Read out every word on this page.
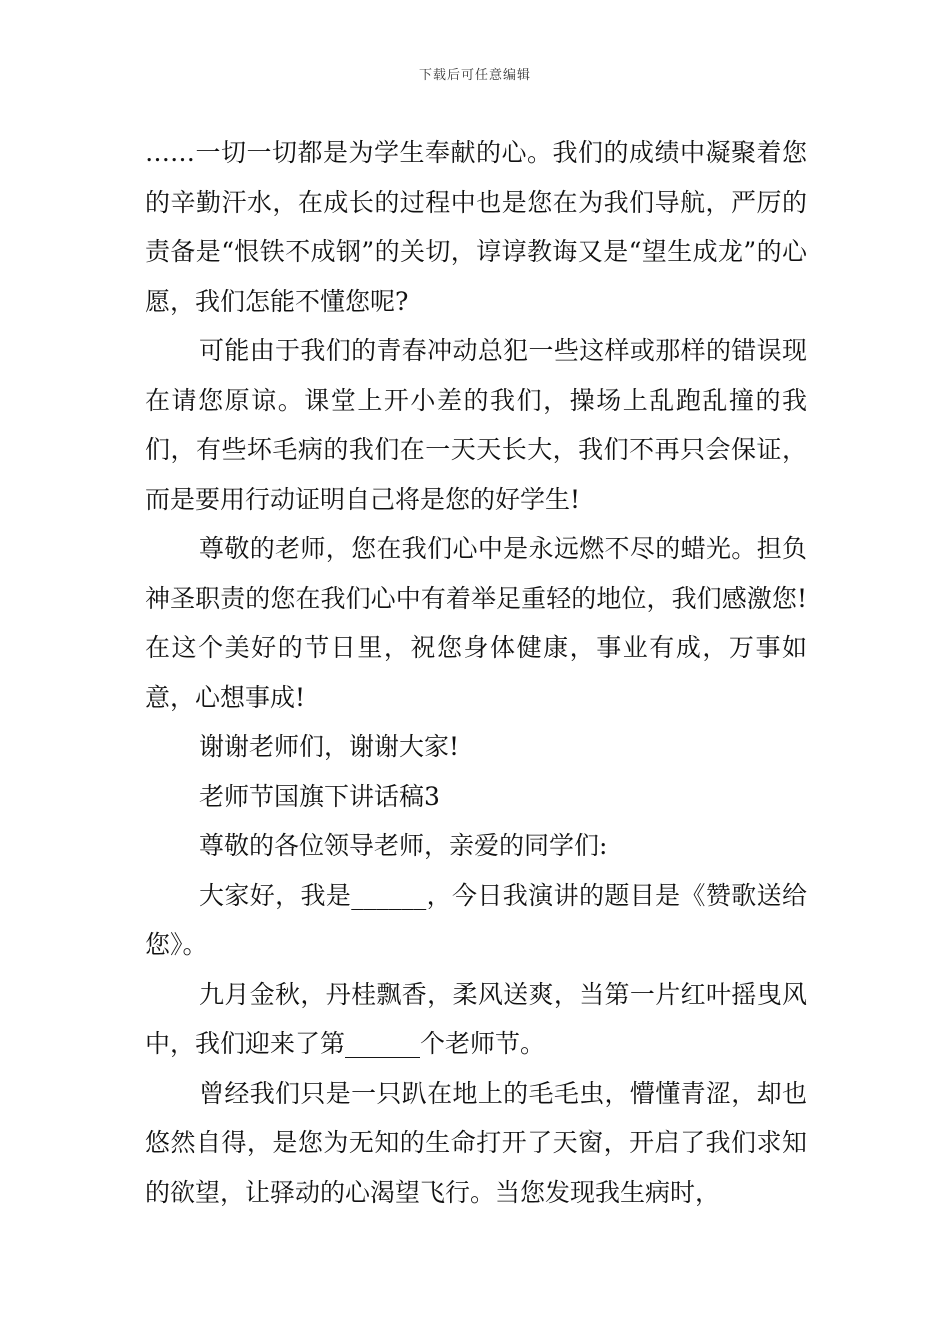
下载后可任意编辑

……一切一切都是为学生奉献的心。我们的成绩中凝聚着您的辛勤汗水，在成长的过程中也是您在为我们导航，严厉的责备是“恨铁不成钢”的关切，谆谆教诲又是“望生成龙”的心愿，我们怎能不懂您呢?

可能由于我们的青春冲动总犯一些这样或那样的错误现在请您原谅。课堂上开小差的我们，操场上乱跑乱撞的我们，有些坏毛病的我们在一天天长大，我们不再只会保证，而是要用行动证明自己将是您的好学生!

尊敬的老师，您在我们心中是永远燃不尽的蜡光。担负神圣职责的您在我们心中有着举足重轻的地位，我们感激您!在这个美好的节日里，祝您身体健康，事业有成，万事如意，心想事成!

谢谢老师们，谢谢大家!

老师节国旗下讲话稿3

尊敬的各位领导老师，亲爱的同学们:

大家好，我是______，今日我演讲的题目是《赞歌送给您》。

九月金秋，丹桂飘香，柔风送爽，当第一片红叶摇曳风中，我们迎来了第______个老师节。

曾经我们只是一只趴在地上的毛毛虫，懵懂青涩，却也悠然自得，是您为无知的生命打开了天窗，开启了我们求知的欲望，让驿动的心渴望飞行。当您发现我生病时，
